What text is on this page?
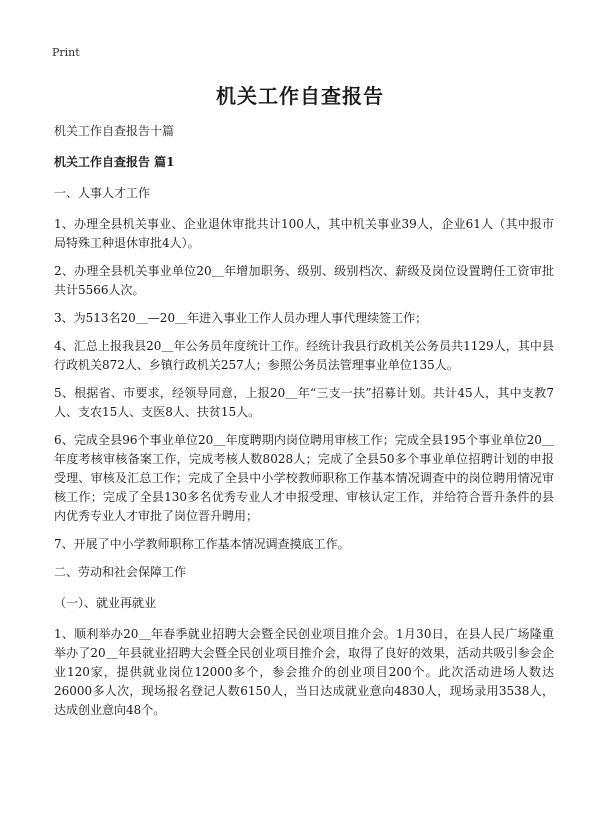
Print
机关工作自查报告

机关工作自查报告十篇

机关工作自查报告 篇1

一、人事人才工作

1、办理全县机关事业、企业退休审批共计100人，其中机关事业39人，企业61人（其中报市局特殊工种退休审批4人）。

2、办理全县机关事业单位20＿年增加职务、级别、级别档次、薪级及岗位设置聘任工资审批共计5566人次。

3、为513名20＿—20＿年进入事业工作人员办理人事代理续签工作；

4、汇总上报我县20＿年公务员年度统计工作。经统计我县行政机关公务员共1129人，其中县行政机关872人、乡镇行政机关257人；参照公务员法管理事业单位135人。

5、根据省、市要求，经领导同意，上报20＿年“三支一扶”招募计划。共计45人，其中支教7人、支农15人、支医8人、扶贫15人。

6、完成全县96个事业单位20＿年度聘期内岗位聘用审核工作；完成全县195个事业单位20＿年度考核审核备案工作，完成考核人数8028人；完成了全县50多个事业单位招聘计划的申报受理、审核及汇总工作；完成了全县中小学校教师职称工作基本情况调查中的岗位聘用情况审核工作；完成了全县130多名优秀专业人才申报受理、审核认定工作，并给符合晋升条件的县内优秀专业人才审批了岗位晋升聘用；

7、开展了中小学教师职称工作基本情况调查摸底工作。

二、劳动和社会保障工作

（一）、就业再就业

1、顺利举办20＿年春季就业招聘大会暨全民创业项目推介会。1月30日，在县人民广场隆重举办了20＿年县就业招聘大会暨全民创业项目推介会，取得了良好的效果，活动共吸引参会企业120家，提供就业岗位12000多个，参会推介的创业项目200个。此次活动进场人数达26000多人次，现场报名登记人数6150人，当日达成就业意向4830人，现场录用3538人，达成创业意向48个。
